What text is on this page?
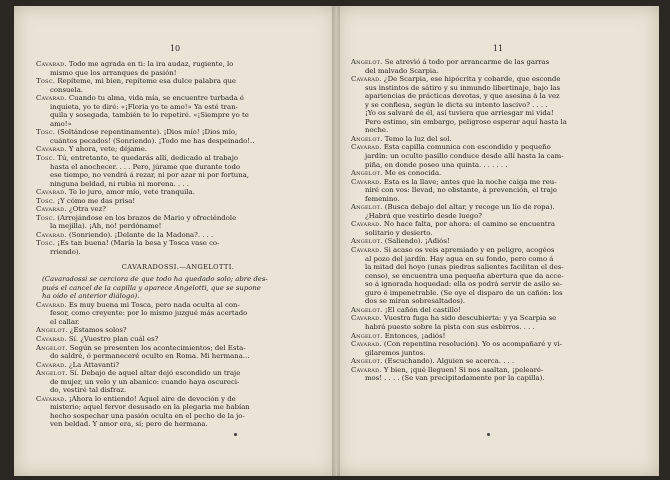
10
Cavarad. Todo me agrada en ti: la ira audaz, rugiente, lo
mismo que los arranques de pasión!
Tosc. Repíteme, mi bien, repíteme esa dulce palabra que
consuela.
Cavarad. Cuando tu alma, vida mía, se encuentre turbada é
inquieta, yo te diré: «¡Floria yo te amo!» Ya esté tran-
quila y sosegada, también te lo repetiré. «¡Siempre yo te
amo!»
Tosc. (Soltándose repentinamente). ¡Dios mío! ¡Dios mío,
cuántos pecados! (Sonriendo). ¡Todo me has despeinado!..
Cavarad. Y ahora, vete; déjame.
Tosc. Tú, entretanto, te quedarás allí, dedicado al trabajo
hasta el anochecer. . . . Pero, júrame que durante todo
ese tiempo, no vendrá á rezar, ni por azar ni por fortuna,
ninguna beldad, ni rubia ni morena. . . .
Cavarad. Te lo juro, amor mío, vete tranquila.
Tosc. ¡Y cómo me das prisa!
Cavarad. ¿Otra vez?
Tosc. (Arrojándose en los brazos de Mario y ofreciéndole
la mejilla). ¡Ah, no! perdóname!
Cavarad. (Sonriendo). ¡Delante de la Madona?. . . .
Tosc. ¡Es tan buena! (María la besa y Tosca vase co-
rriendo).
CAVARADOSSI.—ANGELOTTI.
(Cavaradossi se cerciora de que todo ha quedado solo; abre des-
pués el cancel de la capilla y aparece Angelotti, que se supone
ha oído el anterior diálogo).
Cavarad. Es muy buena mi Tosca, pero nada oculta al con-
fesor, como creyente: por lo mismo juzgué más acertado
el callar.
Angelot. ¿Estamos solos?
Cavarad. Sí. ¿Vuestro plan cuál es?
Angelot. Según se presenten los acontecimientos; del Esta-
do saldré, ó permaneceré oculto en Roma. Mi hermana...
Cavarad. ¿La Attavanti?
Angelot. Sí. Debajo de aquel altar dejó escondido un traje
de mujer, un velo y un abanico: cuando haya oscureci-
do, vestiré tal disfraz.
Cavarad. ¡Ahora lo entiendo! Aquel aire de devoción y de
misterio; aquel fervor desusado en la plegaria me habían
hecho sospechar una pasión oculta en el pecho de la jo-
ven beldad. Y amor era, sí; pero de hermana.
11
Angelot. Se atrevió á todo por arrancarme de las garras
del malvado Scarpia.
Cavarad. ¿De Scarpia, ese hipócrita y cobarde, que esconde
sus instintos de sátiro y su inmundo libertinaje, bajo las
apariencias de prácticas devotas, y que asesina á la vez
y se confiesa, según le dicta su intento lascivo? . . . .
¡Yo os salvaré de él, así tuviera que arriesgar mi vida!
Pero estimo, sin embargo, peligroso esperar aquí hasta la
noche.
Angelot. Temo la luz del sol.
Cavarad. Esta capilla comunica con escondido y pequeño
jardín: un oculto pasillo conduce desde allí hasta la cam-
piña, en donde poseo una quinta. . . . . . .
Angelot. Me es conocida.
Cavarad. Esta es la llave; antes que la noche caiga me reu-
niré con vos: llevad, no obstante, á prevención, el traje
femenino.
Angelot. (Busca debajo del altar, y recoge un lío de ropa).
¿Habrá que vestirlo desde luego?
Cavarad. No hace falta, por ahora: el camino se encuentra
solitario y desierto.
Angelot. (Saliendo). ¡Adiós!
Cavarad. Si acaso os veis apremiado y en peligro, acogéos
al pozo del jardín. Hay agua en su fondo, pero como á
la mitad del hoyo (unas piedras salientes facilitan el des-
censo), se encuentra una pequeña abertura que da acce-
so á ignorada hoquedad: ella os podrá servir de asilo se-
guro é impenetrable. (Se oye el disparo de un cañón: los
dos se miran sobresaltados).
Angelot. ¡El cañón del castillo!
Cavarad. Vuestra fuga ha sido descubierta: y ya Scarpia se
habrá puesto sobre la pista con sus esbirros. . . .
Angelot. Entonces, ¡adiós!
Cavarad. (Con repentina resolución). Yo os acompañaré y vi-
gilaremos juntos.
Angelot. (Escuchando). Alguien se acerca. . . .
Cavarad. Y bien, ¡qué lleguen! Si nos asaltan, ¡pelearé-
mos! . . . . (Se van precipitadamente por la capilla).
